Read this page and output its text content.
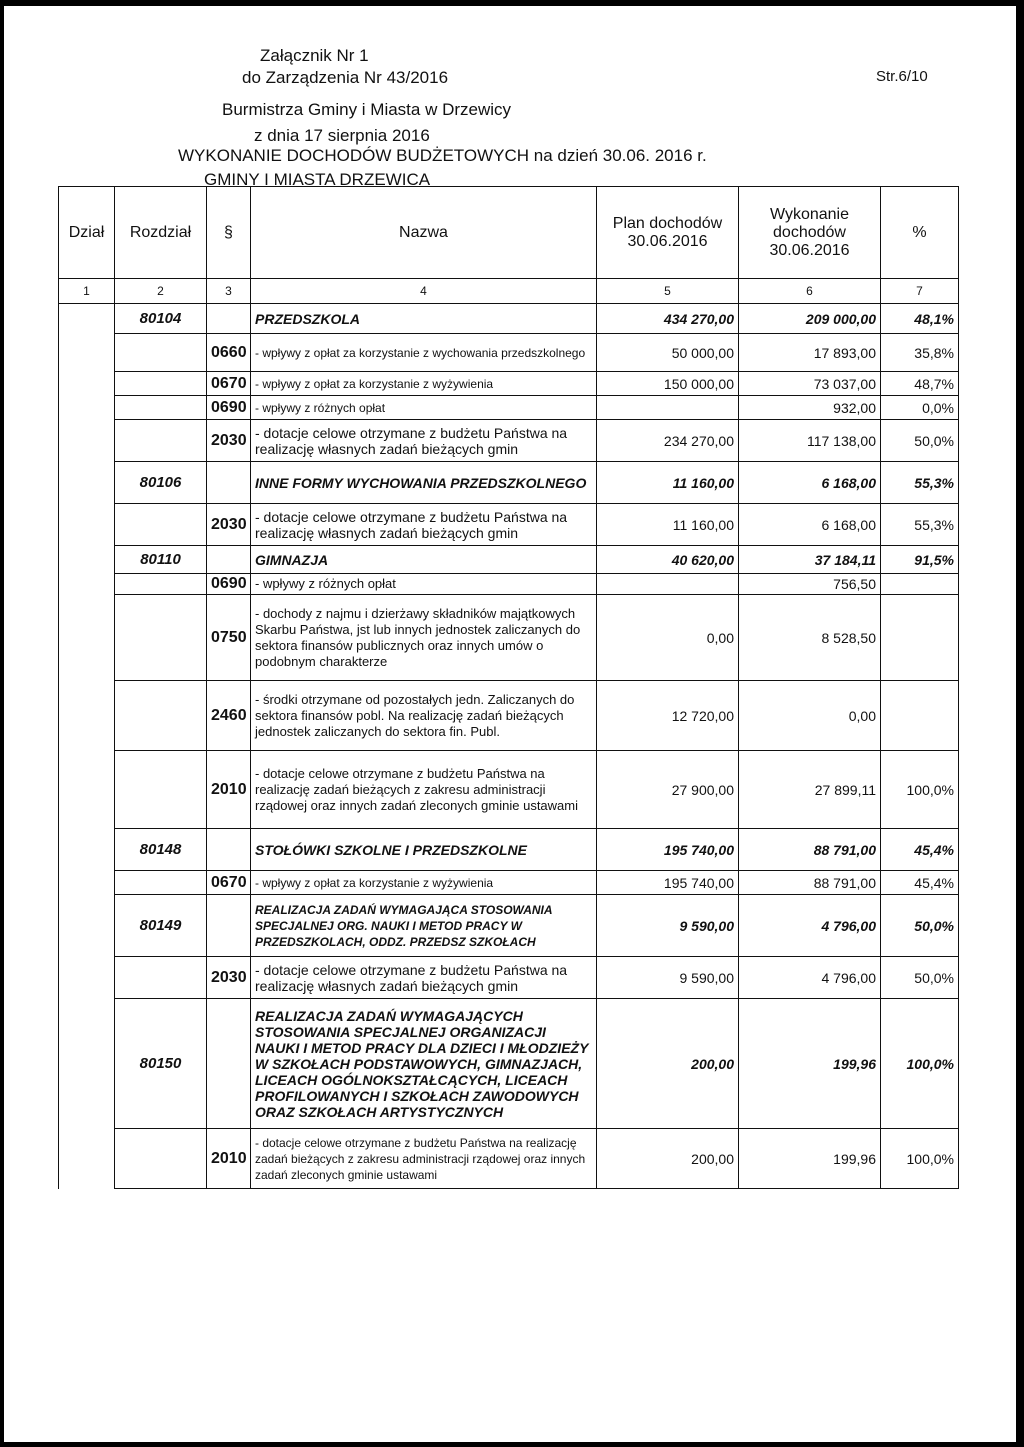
Załącznik Nr 1
do Zarządzenia Nr 43/2016
Burmistrza Gminy i Miasta w Drzewicy
z dnia 17 sierpnia 2016
WYKONANIE DOCHODÓW BUDŻETOWYCH na dzień 30.06. 2016 r.
GMINY I MIASTA DRZEWICA
Str.6/10
Dział	Rozdział	§	Nazwa	Plan dochodów 30.06.2016	Wykonanie dochodów 30.06.2016	%
1	2	3	4	5	6	7
	80104		PRZEDSZKOLA	434 270,00	209 000,00	48,1%
		0660	- wpływy z opłat za korzystanie z wychowania przedszkolnego	50 000,00	17 893,00	35,8%
		0670	- wpływy z opłat za korzystanie z wyżywienia	150 000,00	73 037,00	48,7%
		0690	- wpływy z różnych opłat		932,00	0,0%
		2030	- dotacje celowe otrzymane z budżetu Państwa na realizację własnych zadań bieżących gmin	234 270,00	117 138,00	50,0%
	80106		INNE FORMY WYCHOWANIA PRZEDSZKOLNEGO	11 160,00	6 168,00	55,3%
		2030	- dotacje celowe otrzymane z budżetu Państwa na realizację własnych zadań bieżących gmin	11 160,00	6 168,00	55,3%
	80110		GIMNAZJA	40 620,00	37 184,11	91,5%
		0690	- wpływy z różnych opłat		756,50	
		0750	- dochody z najmu i dzierżawy składników majątkowych Skarbu Państwa, jst lub innych jednostek zaliczanych do sektora finansów publicznych oraz innych umów o podobnym charakterze	0,00	8 528,50	
		2460	- środki otrzymane od pozostałych jedn. Zaliczanych do sektora finansów pobl. Na realizację zadań bieżących jednostek zaliczanych do sektora fin. Publ.	12 720,00	0,00	
		2010	- dotacje celowe otrzymane z budżetu Państwa na realizację zadań bieżących z zakresu administracji rządowej oraz innych zadań zleconych gminie ustawami	27 900,00	27 899,11	100,0%
	80148		STOŁÓWKI SZKOLNE I PRZEDSZKOLNE	195 740,00	88 791,00	45,4%
		0670	- wpływy z opłat za korzystanie z wyżywienia	195 740,00	88 791,00	45,4%
	80149		REALIZACJA ZADAŃ WYMAGAJĄCA STOSOWANIA SPECJALNEJ ORG. NAUKI I METOD PRACY W PRZEDSZKOLACH, ODDZ. PRZEDSZ SZKOŁACH	9 590,00	4 796,00	50,0%
		2030	- dotacje celowe otrzymane z budżetu Państwa na realizację własnych zadań bieżących gmin	9 590,00	4 796,00	50,0%
	80150		REALIZACJA ZADAŃ WYMAGAJĄCYCH STOSOWANIA SPECJALNEJ ORGANIZACJI NAUKI I METOD PRACY DLA DZIECI I MŁODZIEŻY W SZKOŁACH PODSTAWOWYCH, GIMNAZJACH, LICEACH OGÓLNOKSZTAŁCĄCYCH, LICEACH PROFILOWANYCH I SZKOŁACH ZAWODOWYCH ORAZ SZKOŁACH ARTYSTYCZNYCH	200,00	199,96	100,0%
		2010	- dotacje celowe otrzymane z budżetu Państwa na realizację zadań bieżących z zakresu administracji rządowej oraz innych zadań zleconych gminie ustawami	200,00	199,96	100,0%
